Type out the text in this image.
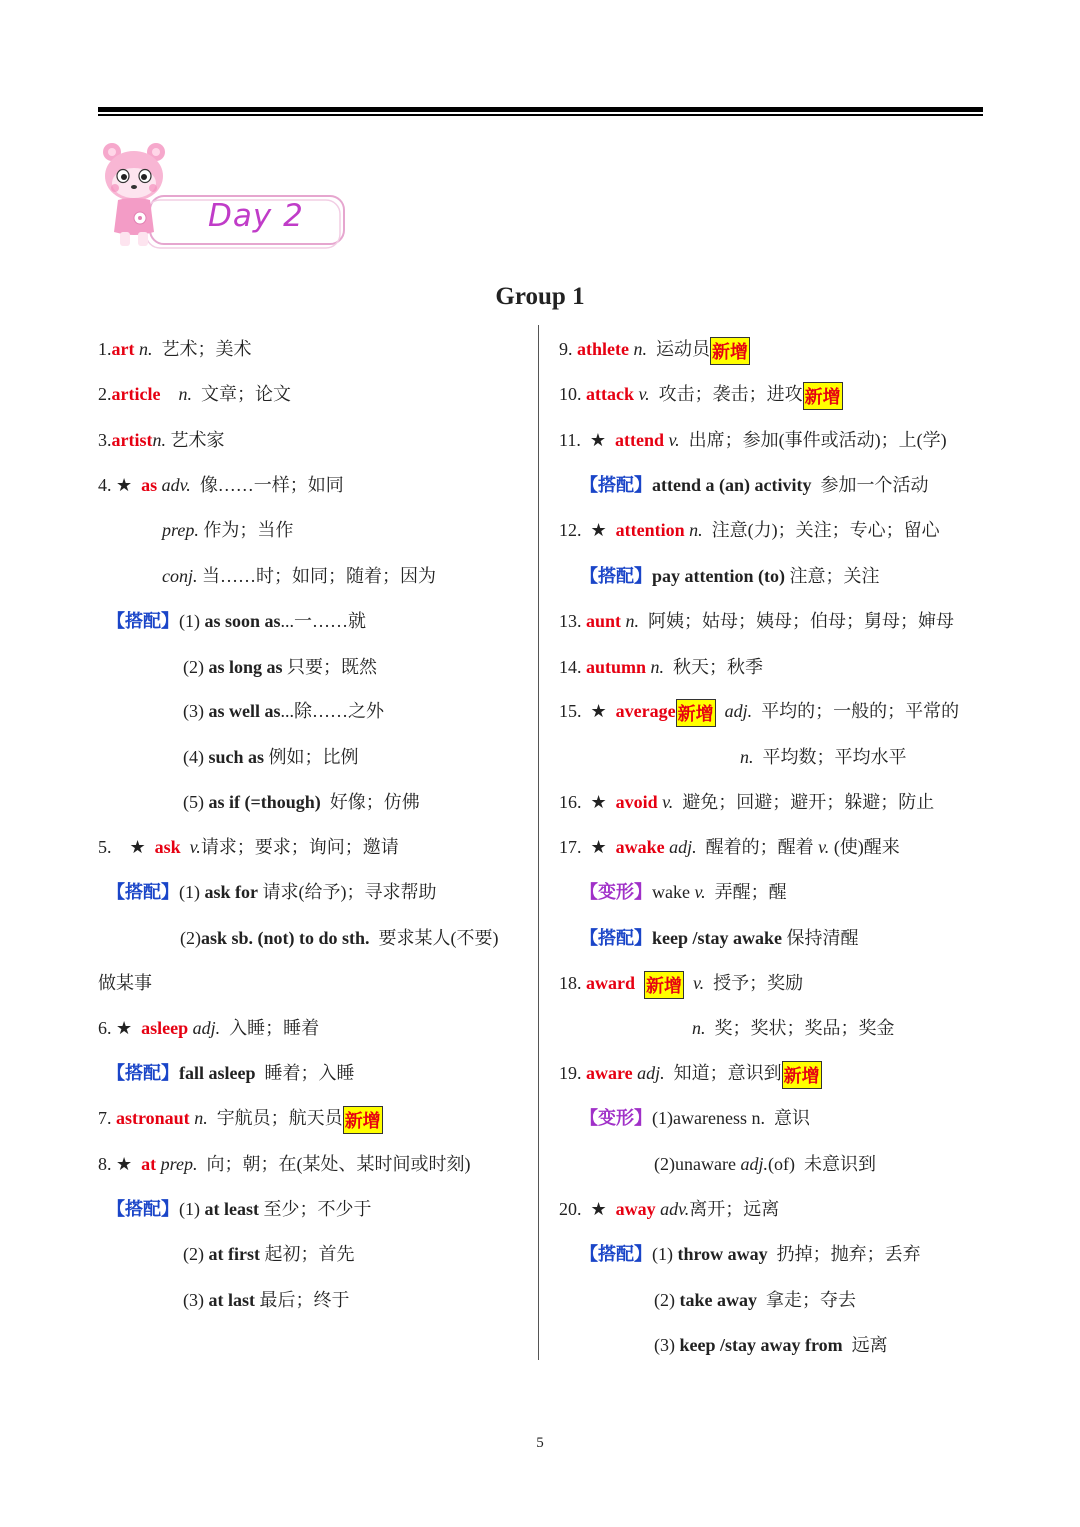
Day 2
Group 1
1.art n. 艺术；美术
2.article n. 文章；论文
3.artistn. 艺术家
4. ★ as adv. 像……一样；如同
prep. 作为；当作
conj. 当……时；如同；随着；因为
【搭配】(1) as soon as...一……就
(2) as long as 只要；既然
(3) as well as...除……之外
(4) such as 例如；比例
(5) as if (=though) 好像；仿佛
5. ★ ask v.请求；要求；询问；邀请
【搭配】(1) ask for 请求(给予)；寻求帮助
(2)ask sb. (not) to do sth. 要求某人(不要)
做某事
6. ★ asleep adj. 入睡；睡着
【搭配】fall asleep 睡着；入睡
7. astronaut n. 宇航员；航天员 新增
8. ★ at prep. 向；朝；在(某处、某时间或时刻)
【搭配】(1) at least 至少；不少于
(2) at first 起初；首先
(3) at last 最后；终于
9. athlete n. 运动员 新增
10. attack v. 攻击；袭击；进攻 新增
11. ★ attend v. 出席；参加(事件或活动)；上(学)
【搭配】attend a (an) activity 参加一个活动
12. ★ attention n. 注意(力)；关注；专心；留心
【搭配】pay attention (to) 注意；关注
13. aunt n. 阿姨；姑母；姨母；伯母；舅母；婶母
14. autumn n. 秋天；秋季
15. ★ average 新增 adj. 平均的；一般的；平常的
n. 平均数；平均水平
16. ★ avoid v. 避免；回避；避开；躲避；防止
17. ★ awake adj. 醒着的；醒着 v. (使)醒来
【变形】wake v. 弄醒；醒
【搭配】keep /stay awake 保持清醒
18. award 新增 v. 授予；奖励
n. 奖；奖状；奖品；奖金
19. aware adj. 知道；意识到 新增
【变形】(1)awareness n. 意识
(2)unaware adj.(of) 未意识到
20. ★ away adv.离开；远离
【搭配】(1) throw away 扔掉；抛弃；丢弃
(2) take away 拿走；夺去
(3) keep /stay away from 远离
5
